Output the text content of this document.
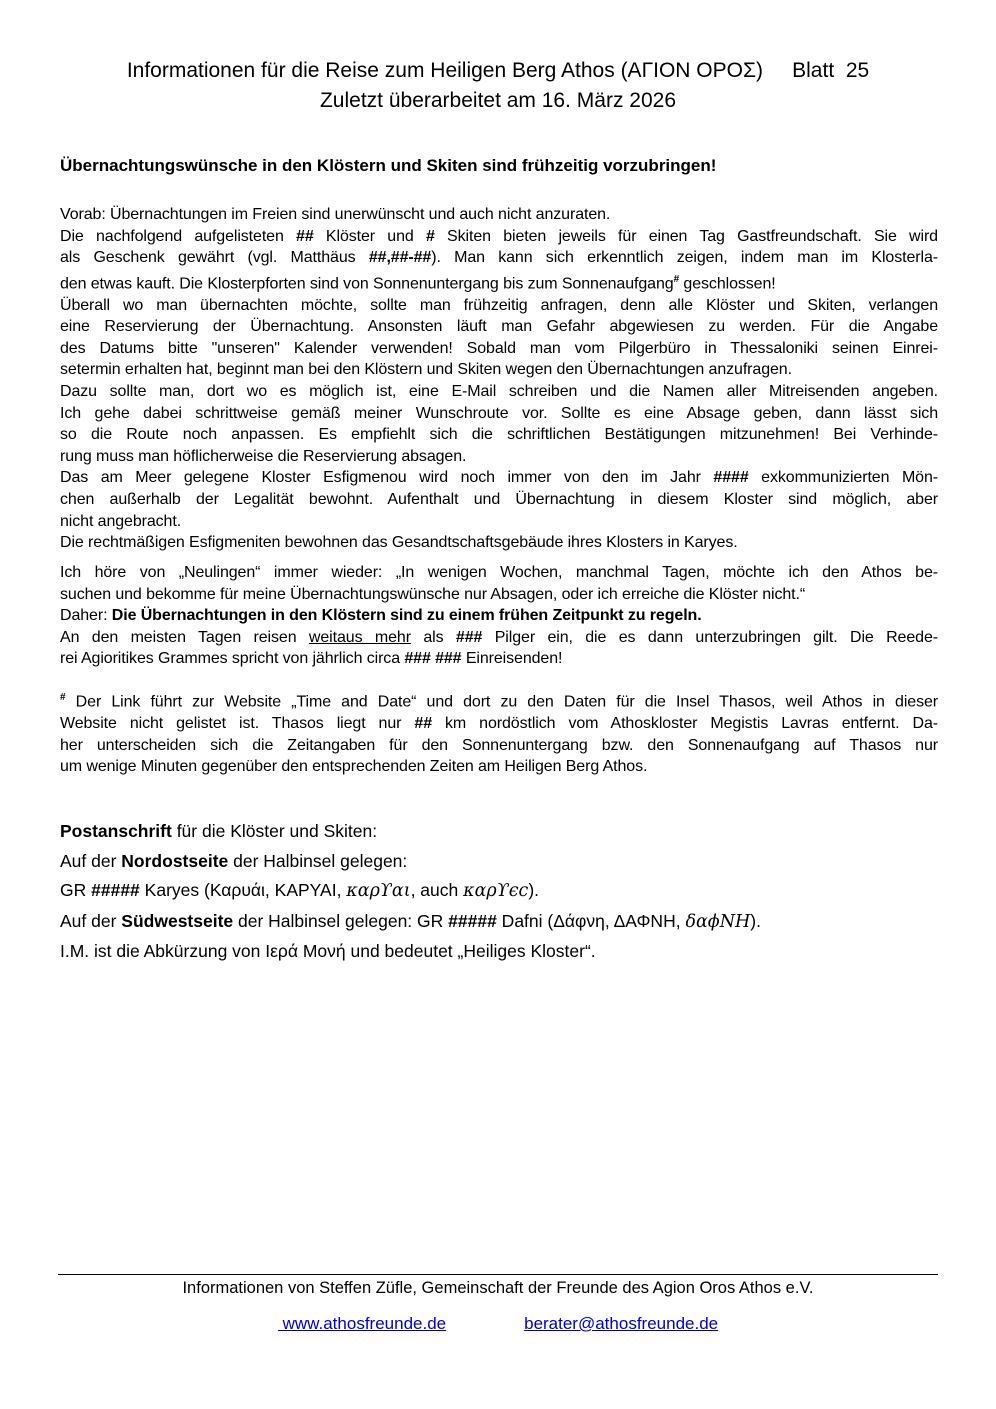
Informationen für die Reise zum Heiligen Berg Athos (ΑΓΙΟΝ ΟΡΟΣ)     Blatt  25
Zuletzt überarbeitet am 16. März 2026
Übernachtungswünsche in den Klöstern und Skiten sind frühzeitig vorzubringen!
Vorab: Übernachtungen im Freien sind unerwünscht und auch nicht anzuraten.
Die nachfolgend aufgelisteten ## Klöster und # Skiten bieten jeweils für einen Tag Gastfreundschaft. Sie wird
als Geschenk gewährt (vgl. Matthäus ##,##-##). Man kann sich erkenntlich zeigen, indem man im Klosterla-
den etwas kauft. Die Klosterpforten sind von Sonnenuntergang bis zum Sonnenaufgang# geschlossen!
Überall wo man übernachten möchte, sollte man frühzeitig anfragen, denn alle Klöster und Skiten, verlangen
eine Reservierung der Übernachtung. Ansonsten läuft man Gefahr abgewiesen zu werden. Für die Angabe
des Datums bitte "unseren" Kalender verwenden! Sobald man vom Pilgerbüro in Thessaloniki seinen Einrei-
setermin erhalten hat, beginnt man bei den Klöstern und Skiten wegen den Übernachtungen anzufragen.
Dazu sollte man, dort wo es möglich ist, eine E-Mail schreiben und die Namen aller Mitreisenden angeben.
Ich gehe dabei schrittweise gemäß meiner Wunschroute vor. Sollte es eine Absage geben, dann lässt sich
so die Route noch anpassen. Es empfiehlt sich die schriftlichen Bestätigungen mitzunehmen! Bei Verhinde-
rung muss man höflicherweise die Reservierung absagen.
Das am Meer gelegene Kloster Esfigmenou wird noch immer von den im Jahr #### exkommunizierten Mön-
chen außerhalb der Legalität bewohnt. Aufenthalt und Übernachtung in diesem Kloster sind möglich, aber
nicht angebracht.
Die rechtmäßigen Esfigmeniten bewohnen das Gesandtschaftsgebäude ihres Klosters in Karyes.
Ich höre von „Neulingen“ immer wieder: „In wenigen Wochen, manchmal Tagen, möchte ich den Athos be-
suchen und bekomme für meine Übernachtungswünsche nur Absagen, oder ich erreiche die Klöster nicht.“
Daher: Die Übernachtungen in den Klöstern sind zu einem frühen Zeitpunkt zu regeln.
An den meisten Tagen reisen weitaus mehr als ### Pilger ein, die es dann unterzubringen gilt. Die Reede-
rei Agioritikes Grammes spricht von jährlich circa ### ### Einreisenden!
# Der Link führt zur Website „Time and Date“ und dort zu den Daten für die Insel Thasos, weil Athos in dieser
Website nicht gelistet ist. Thasos liegt nur ## km nordöstlich vom Athoskloster Megistis Lavras entfernt. Da-
her unterscheiden sich die Zeitangaben für den Sonnenuntergang bzw. den Sonnenaufgang auf Thasos nur
um wenige Minuten gegenüber den entsprechenden Zeiten am Heiligen Berg Athos.
Postanschrift für die Klöster und Skiten:
Auf der Nordostseite der Halbinsel gelegen:
GR ##### Karyes (Καρυάι, ΚΑΡΥΑΙ, καρϒαι, auch καρϒϵϲ).
Auf der Südwestseite der Halbinsel gelegen: GR ##### Dafni (Δάφνη, ΔΑΦΝΗ, δαϕΝΗ).
I.M. ist die Abkürzung von Ιερά Μονή und bedeutet „Heiliges Kloster“.
Informationen von Steffen Züfle, Gemeinschaft der Freunde des Agion Oros Athos e.V.
www.athosfreunde.de	berater@athosfreunde.de
